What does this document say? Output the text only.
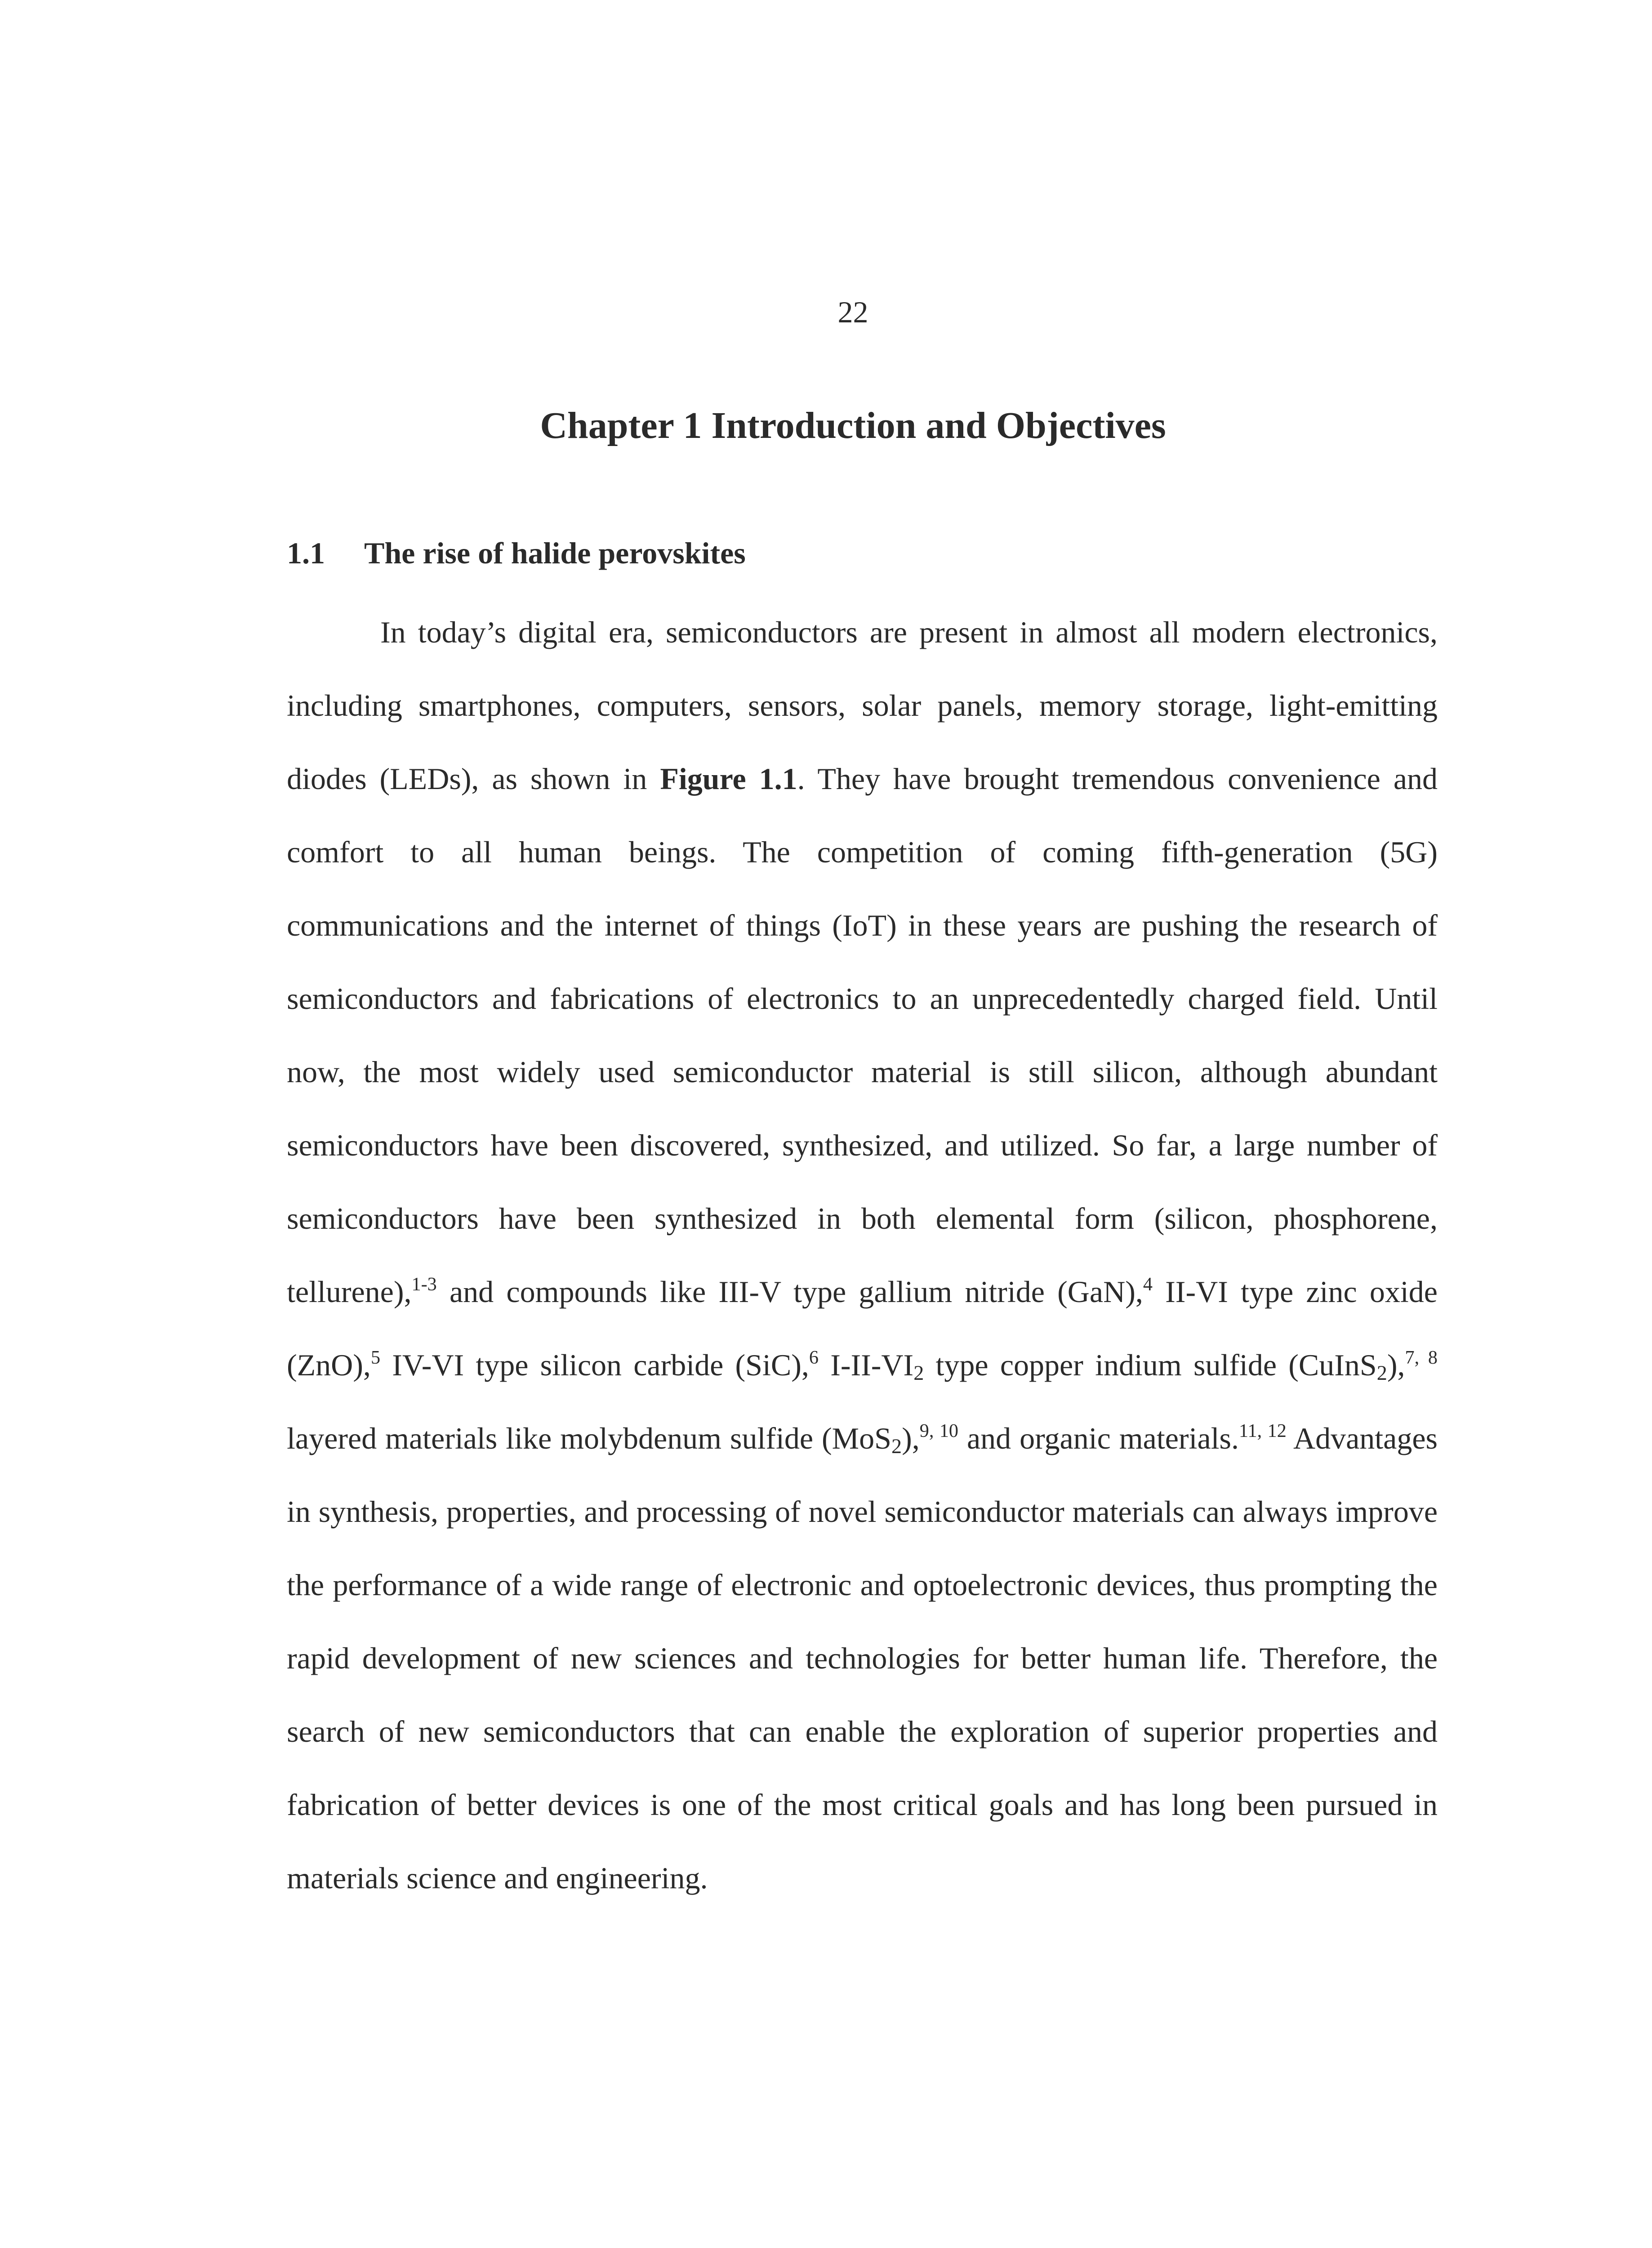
22
Chapter 1 Introduction and Objectives
1.1 The rise of halide perovskites

In today’s digital era, semiconductors are present in almost all modern electronics, including smartphones, computers, sensors, solar panels, memory storage, light-emitting diodes (LEDs), as shown in Figure 1.1. They have brought tremendous convenience and comfort to all human beings. The competition of coming fifth-generation (5G) communications and the internet of things (IoT) in these years are pushing the research of semiconductors and fabrications of electronics to an unprecedentedly charged field. Until now, the most widely used semiconductor material is still silicon, although abundant semiconductors have been discovered, synthesized, and utilized. So far, a large number of semiconductors have been synthesized in both elemental form (silicon, phosphorene, tellurene),$^{1-3}$ and compounds like III-V type gallium nitride (GaN),$^4$ II-VI type zinc oxide (ZnO),$^5$ IV-VI type silicon carbide (SiC),$^6$ $I-II-VI_2$ type copper indium sulfide (CuInS$_2$),$^{7, 8}$ layered materials like molybdenum sulfide (MoS$_2$),$^{9, 10}$ and organic materials.$^{11, 12}$ Advantages in synthesis, properties, and processing of novel semiconductor materials can always improve the performance of a wide range of electronic and optoelectronic devices, thus prompting the rapid development of new sciences and technologies for better human life. Therefore, the search of new semiconductors that can enable the exploration of superior properties and fabrication of better devices is one of the most critical goals and has long been pursued in materials science and engineering.
